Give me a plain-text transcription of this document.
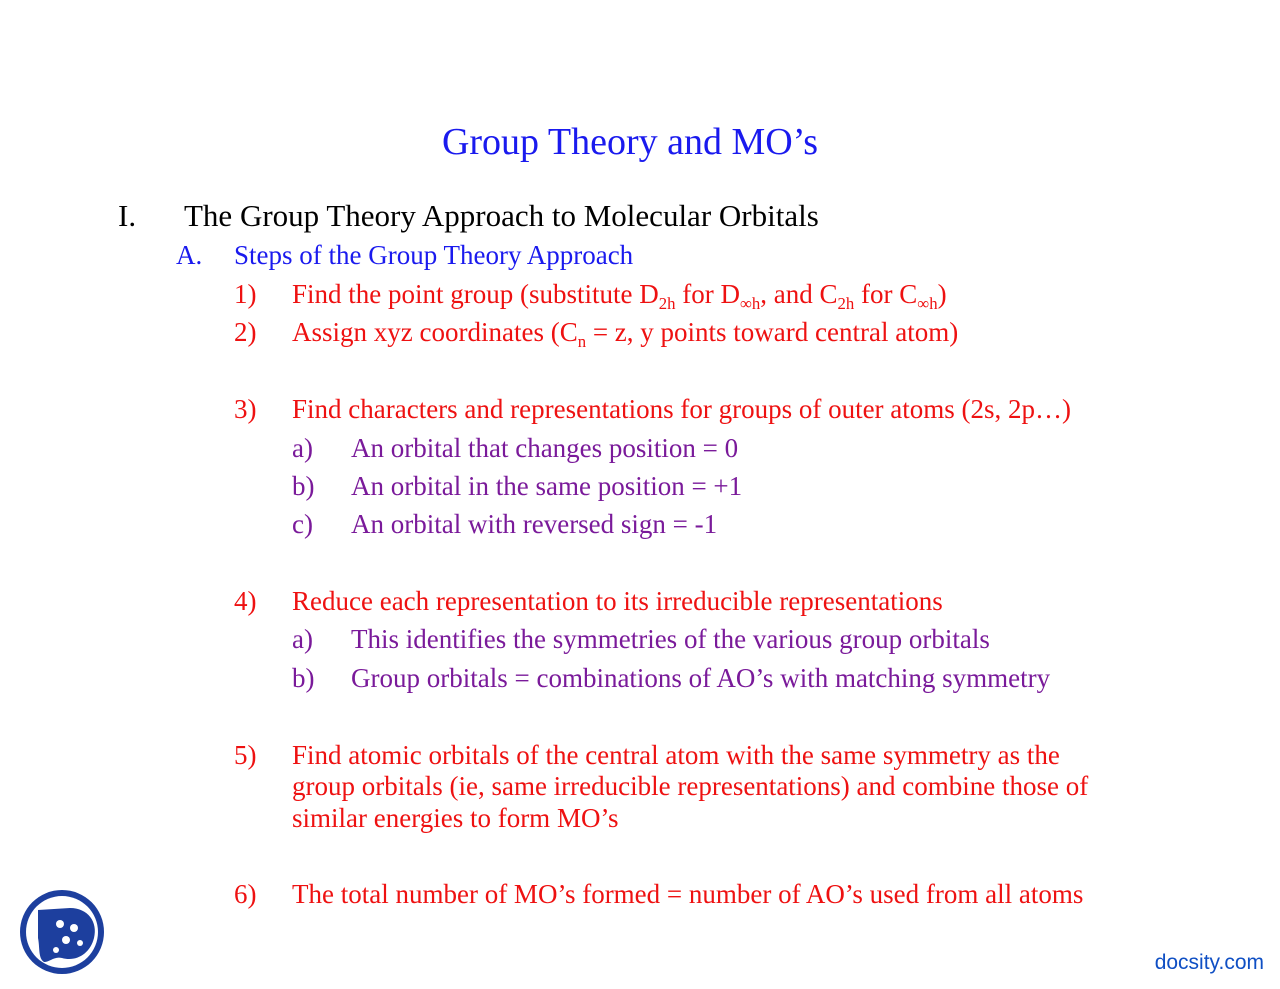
Group Theory and MO’s
I. The Group Theory Approach to Molecular Orbitals
A. Steps of the Group Theory Approach
1) Find the point group (substitute $D_{2h}$ for $D_{\infty h}$, and $C_{2h}$ for $C_{\infty h}$)
2) Assign xyz coordinates ($C_n = z$, y points toward central atom)
3) Find characters and representations for groups of outer atoms (2s, 2p…)
a) An orbital that changes position = 0
b) An orbital in the same position = +1
c) An orbital with reversed sign = -1
4) Reduce each representation to its irreducible representations
a) This identifies the symmetries of the various group orbitals
b) Group orbitals = combinations of AO’s with matching symmetry
5) Find atomic orbitals of the central atom with the same symmetry as the
group orbitals (ie, same irreducible representations) and combine those of
similar energies to form MO’s
6) The total number of MO’s formed = number of AO’s used from all atoms
docsity.com
